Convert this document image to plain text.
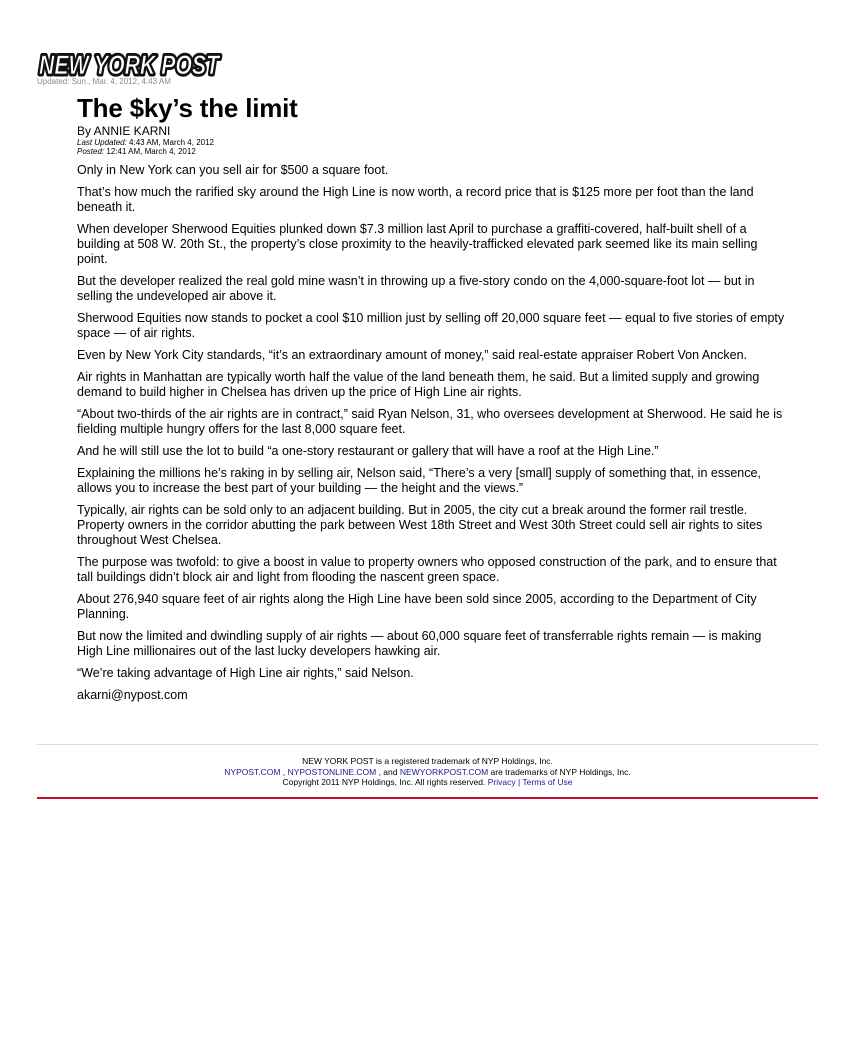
NEW YORK POST
NEW YORK POST
Updated: Sun., Mar. 4, 2012, 4:43 AM
The $ky’s the limit
By ANNIE KARNI
Last Updated: 4:43 AM, March 4, 2012
Posted: 12:41 AM, March 4, 2012

Only in New York can you sell air for $500 a square foot.

That’s how much the rarified sky around the High Line is now worth, a record price that is $125 more per foot than the land beneath it.

When developer Sherwood Equities plunked down $7.3 million last April to purchase a graffiti-covered, half-built shell of a building at 508 W. 20th St., the property’s close proximity to the heavily-trafficked elevated park seemed like its main selling point.

But the developer realized the real gold mine wasn’t in throwing up a five-story condo on the 4,000-square-foot lot — but in selling the undeveloped air above it.

Sherwood Equities now stands to pocket a cool $10 million just by selling off 20,000 square feet — equal to five stories of empty space — of air rights.

Even by New York City standards, “it’s an extraordinary amount of money,” said real-estate appraiser Robert Von Ancken.

Air rights in Manhattan are typically worth half the value of the land beneath them, he said. But a limited supply and growing demand to build higher in Chelsea has driven up the price of High Line air rights.

“About two-thirds of the air rights are in contract,” said Ryan Nelson, 31, who oversees development at Sherwood. He said he is fielding multiple hungry offers for the last 8,000 square feet.

And he will still use the lot to build “a one-story restaurant or gallery that will have a roof at the High Line.”

Explaining the millions he’s raking in by selling air, Nelson said, “There’s a very [small] supply of something that, in essence, allows you to increase the best part of your building — the height and the views.”

Typically, air rights can be sold only to an adjacent building. But in 2005, the city cut a break around the former rail trestle. Property owners in the corridor abutting the park between West 18th Street and West 30th Street could sell air rights to sites throughout West Chelsea.

The purpose was twofold: to give a boost in value to property owners who opposed construction of the park, and to ensure that tall buildings didn’t block air and light from flooding the nascent green space.

About 276,940 square feet of air rights along the High Line have been sold since 2005, according to the Department of City Planning.

But now the limited and dwindling supply of air rights — about 60,000 square feet of transferrable rights remain — is making High Line millionaires out of the last lucky developers hawking air.

“We’re taking advantage of High Line air rights,” said Nelson.

akarni@nypost.com

NEW YORK POST is a registered trademark of NYP Holdings, Inc.
NYPOST.COM , NYPOSTONLINE.COM , and NEWYORKPOST.COM are trademarks of NYP Holdings, Inc.
Copyright 2011 NYP Holdings, Inc. All rights reserved. Privacy | Terms of Use
